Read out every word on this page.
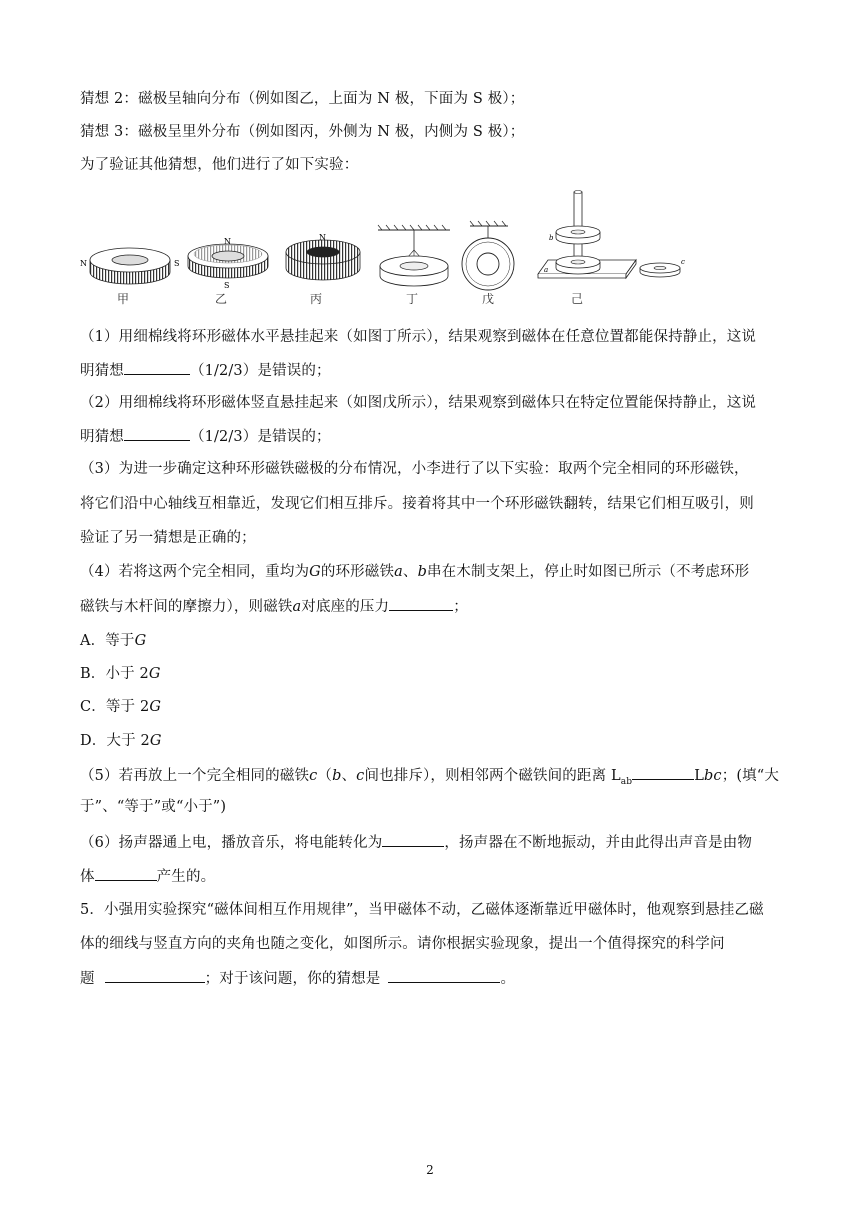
猜想 2：磁极呈轴向分布（例如图乙，上面为 N 极，下面为 S 极）；
猜想 3：磁极呈里外分布（例如图丙，外侧为 N 极，内侧为 S 极）；
为了验证其他猜想，他们进行了如下实验：
N	S
N
S
N	b
a
c
甲	乙	丙	丁	戊	己
（1）用细棉线将环形磁体水平悬挂起来（如图丁所示），结果观察到磁体在任意位置都能保持静止，这说
明猜想	（1/2/3）是错误的；
（2）用细棉线将环形磁体竖直悬挂起来（如图戊所示），结果观察到磁体只在特定位置能保持静止，这说
明猜想	（1/2/3）是错误的；
（3）为进一步确定这种环形磁铁磁极的分布情况，小李进行了以下实验：取两个完全相同的环形磁铁，
将它们沿中心轴线互相靠近，发现它们相互排斥。接着将其中一个环形磁铁翻转，结果它们相互吸引，则
验证了另一猜想是正确的；
（4）若将这两个完全相同，重均为G的环形磁铁a、b串在木制支架上，停止时如图已所示（不考虑环形
磁铁与木杆间的摩擦力），则磁铁a对底座的压力	；
A．等于G
B．小于 2G
C．等于 2G
D．大于 2G
（5）若再放上一个完全相同的磁铁c（b、c间也排斥），则相邻两个磁铁间的距离 $L_{ab}$	Lbc；(填“大
于”、“等于”或“小于”)
（6）扬声器通上电，播放音乐，将电能转化为	，扬声器在不断地振动，并由此得出声音是由物
体	产生的。
5．小强用实验探究“磁体间相互作用规律”，当甲磁体不动，乙磁体逐渐靠近甲磁体时，他观察到悬挂乙磁
体的细线与竖直方向的夹角也随之变化，如图所示。请你根据实验现象，提出一个值得探究的科学问
题	；对于该问题，你的猜想是	。
2
